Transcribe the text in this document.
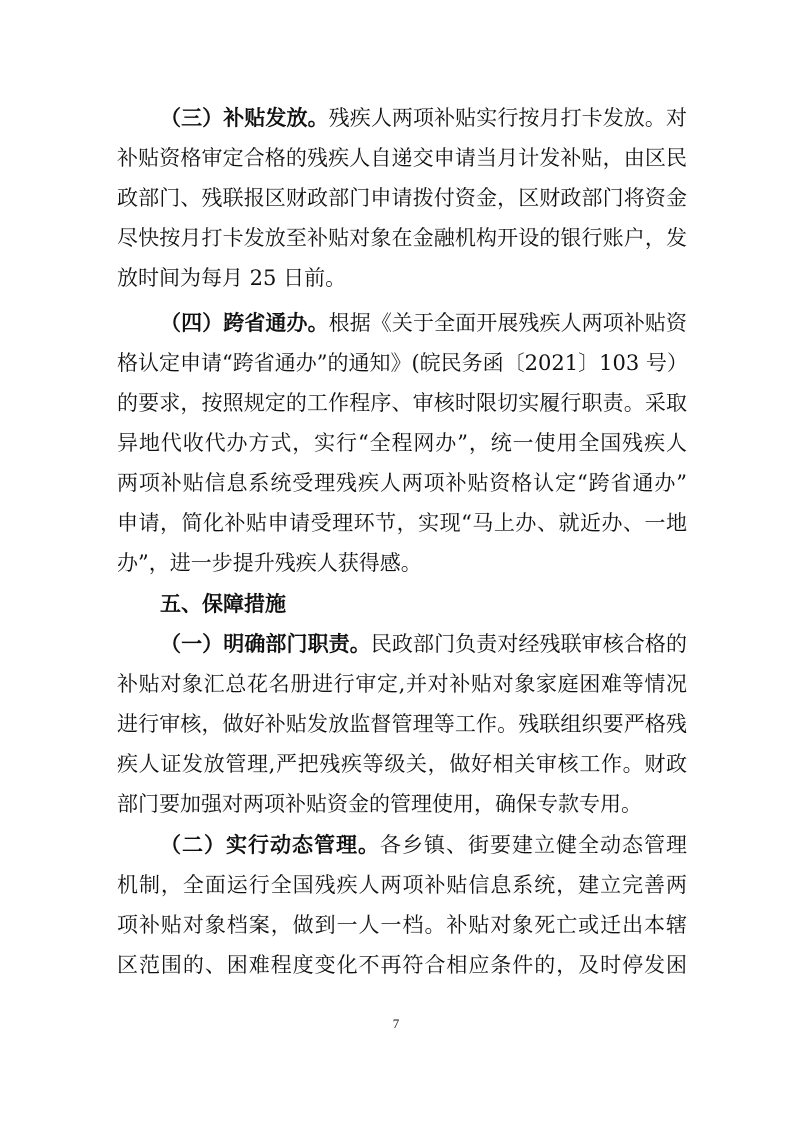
（三）补贴发放。残疾人两项补贴实行按月打卡发放。对
补贴资格审定合格的残疾人自递交申请当月计发补贴，由区民
政部门、残联报区财政部门申请拨付资金，区财政部门将资金
尽快按月打卡发放至补贴对象在金融机构开设的银行账户，发
放时间为每月 25 日前。
（四）跨省通办。根据《关于全面开展残疾人两项补贴资
格认定申请“跨省通办”的通知》(皖民务函〔2021〕103 号）
的要求，按照规定的工作程序、审核时限切实履行职责。采取
异地代收代办方式，实行“全程网办”，统一使用全国残疾人
两项补贴信息系统受理残疾人两项补贴资格认定“跨省通办”
申请，简化补贴申请受理环节，实现“马上办、就近办、一地
办”，进一步提升残疾人获得感。
五、保障措施
（一）明确部门职责。民政部门负责对经残联审核合格的
补贴对象汇总花名册进行审定,并对补贴对象家庭困难等情况
进行审核，做好补贴发放监督管理等工作。残联组织要严格残
疾人证发放管理,严把残疾等级关，做好相关审核工作。财政
部门要加强对两项补贴资金的管理使用，确保专款专用。
（二）实行动态管理。各乡镇、街要建立健全动态管理
机制，全面运行全国残疾人两项补贴信息系统，建立完善两
项补贴对象档案，做到一人一档。补贴对象死亡或迁出本辖
区范围的、困难程度变化不再符合相应条件的，及时停发困
7
